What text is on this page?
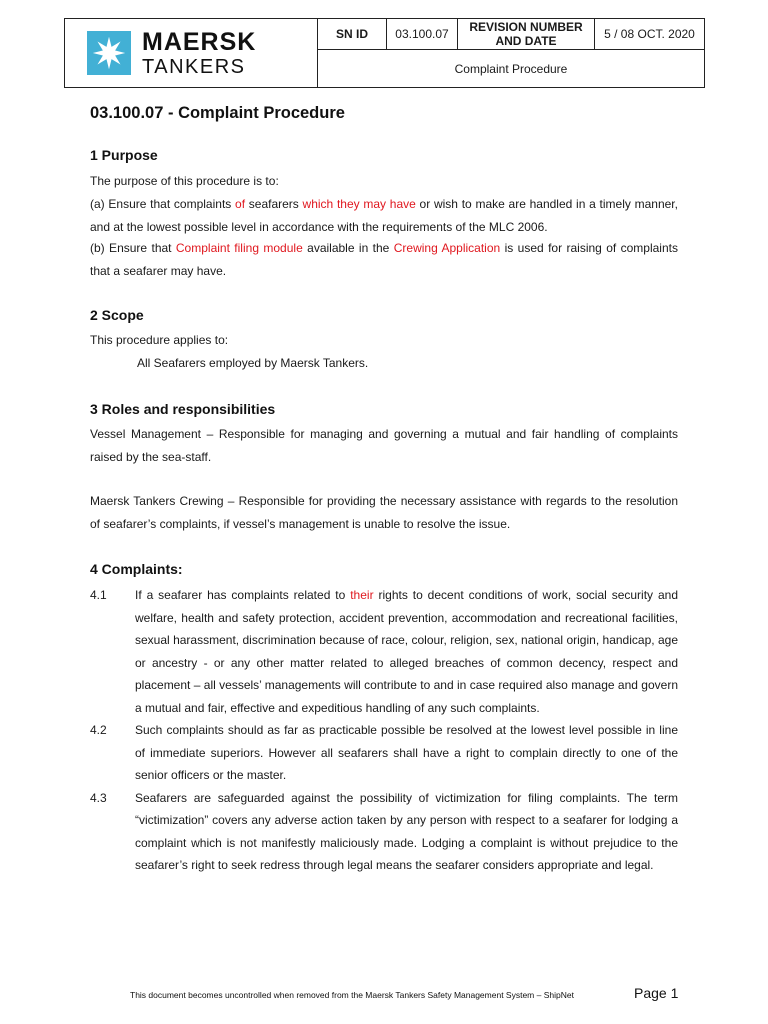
MAERSK
TANKERS
	SN ID	03.100.07	REVISION NUMBER
AND DATE	5 / 08 OCT. 2020
Complaint Procedure
03.100.07 - Complaint Procedure
1 Purpose

The purpose of this procedure is to:

(a) Ensure that complaints of seafarers which they may have or wish to make are handled in a timely manner, and at the lowest possible level in accordance with the requirements of the MLC 2006.

(b) Ensure that Complaint filing module available in the Crewing Application is used for raising of complaints that a seafarer may have.

2 Scope

This procedure applies to:

All Seafarers employed by Maersk Tankers.

3 Roles and responsibilities

Vessel Management – Responsible for managing and governing a mutual and fair handling of complaints raised by the sea-staff.

Maersk Tankers Crewing – Responsible for providing the necessary assistance with regards to the resolution of seafarer’s complaints, if vessel’s management is unable to resolve the issue.

4 Complaints:
4.1	If a seafarer has complaints related to their rights to decent conditions of work, social security and welfare, health and safety protection, accident prevention, accommodation and recreational facilities, sexual harassment, discrimination because of race, colour, religion, sex, national origin, handicap, age or ancestry - or any other matter related to alleged breaches of common decency, respect and placement – all vessels’ managements will contribute to and in case required also manage and govern a mutual and fair, effective and expeditious handling of any such complaints.
4.2	Such complaints should as far as practicable possible be resolved at the lowest level possible in line of immediate superiors. However all seafarers shall have a right to complain directly to one of the senior officers or the master.
4.3	Seafarers are safeguarded against the possibility of victimization for filing complaints. The term “victimization” covers any adverse action taken by any person with respect to a seafarer for lodging a complaint which is not manifestly maliciously made. Lodging a complaint is without prejudice to the seafarer’s right to seek redress through legal means the seafarer considers appropriate and legal.
This document becomes uncontrolled when removed from the Maersk Tankers Safety Management System – ShipNet	Page 1
